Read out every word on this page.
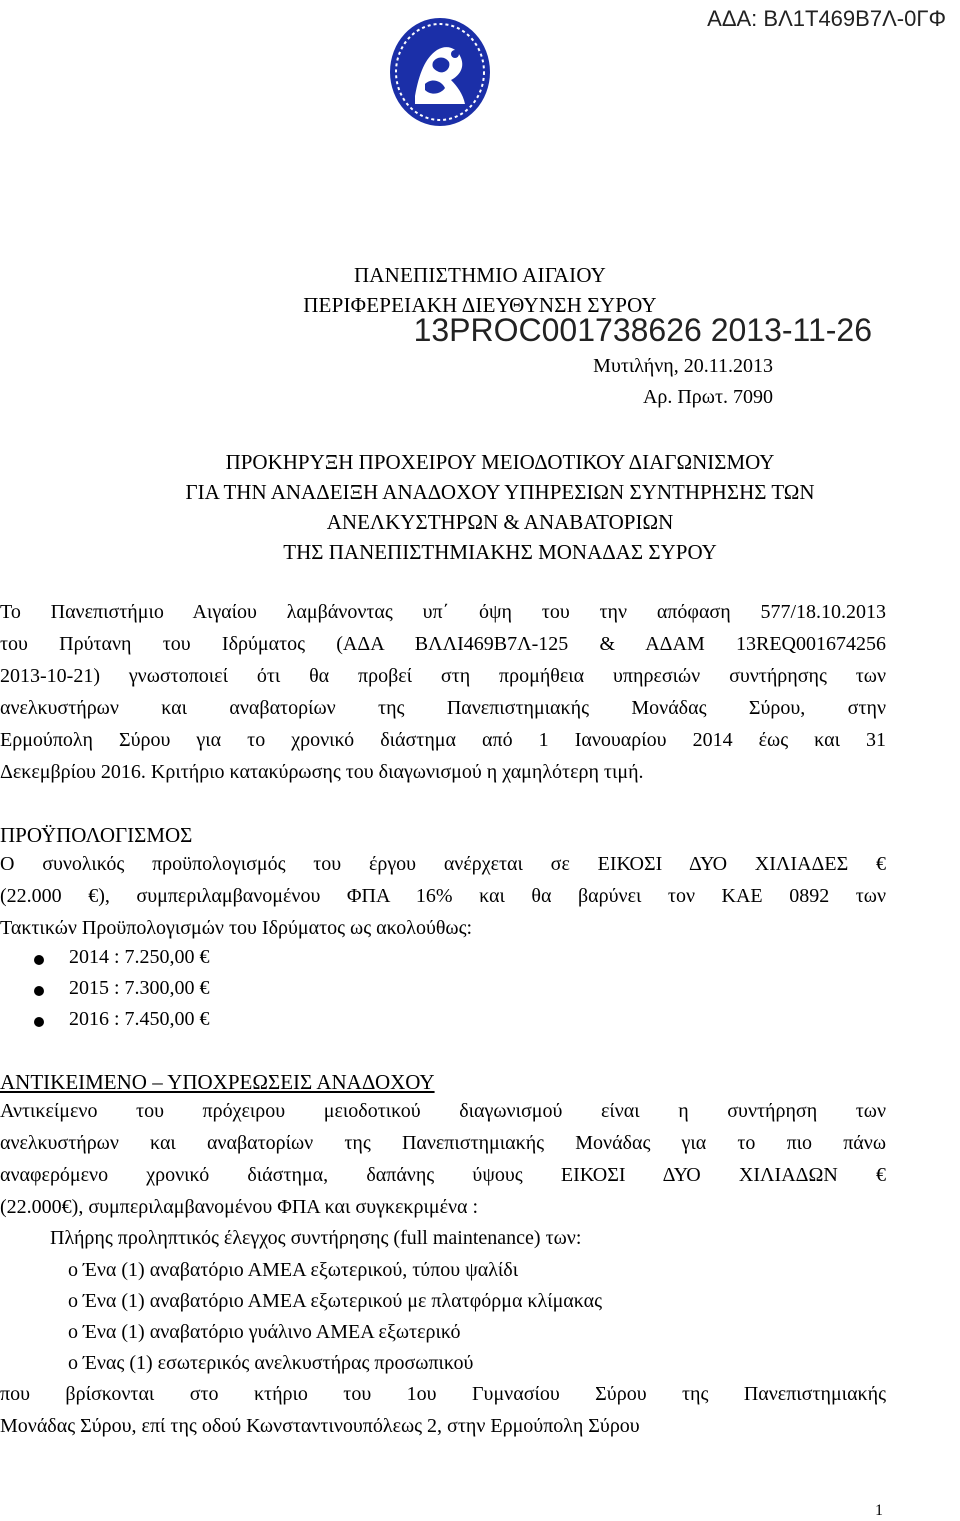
ΑΔΑ: ΒΛ1Τ469Β7Λ-0ΓΦ
ΠΑΝΕΠΙΣΤΗΜΙΟ ΑΙΓΑΙΟΥ
ΠΕΡΙΦΕΡΕΙΑΚΗ ΔΙΕΥΘΥΝΣΗ ΣΥΡΟΥ
13PROC001738626 2013-11-26
Μυτιλήνη, 20.11.2013
Αρ. Πρωτ. 7090
ΠΡΟΚΗΡΥΞΗ ΠΡΟΧΕΙΡΟΥ ΜΕΙΟΔΟΤΙΚΟΥ ΔΙΑΓΩΝΙΣΜΟΥ
ΓΙΑ ΤΗΝ ΑΝΑΔΕΙΞΗ ΑΝΑΔΟΧΟΥ ΥΠΗΡΕΣΙΩΝ ΣΥΝΤΗΡΗΣΗΣ ΤΩΝ
ΑΝΕΛΚΥΣΤΗΡΩΝ & ΑΝΑΒΑΤΟΡΙΩΝ
ΤΗΣ ΠΑΝΕΠΙΣΤΗΜΙΑΚΗΣ ΜΟΝΑΔΑΣ ΣΥΡΟΥ
Το Πανεπιστήμιο Αιγαίου λαμβάνοντας υπ΄ όψη του την απόφαση 577/18.10.2013
του Πρύτανη του Ιδρύματος (ΑΔΑ ΒΛΛΙ469Β7Λ-125 & ΑΔΑΜ 13REQ001674256
2013-10-21) γνωστοποιεί ότι θα προβεί στη προμήθεια υπηρεσιών συντήρησης των
ανελκυστήρων και αναβατορίων της Πανεπιστημιακής Μονάδας Σύρου, στην
Ερμούπολη Σύρου για το χρονικό διάστημα από 1 Ιανουαρίου 2014 έως και 31
Δεκεμβρίου 2016. Κριτήριο κατακύρωσης του διαγωνισμού η χαμηλότερη τιμή.
ΠΡΟΫΠΟΛΟΓΙΣΜΟΣ
Ο συνολικός προϋπολογισμός του έργου ανέρχεται σε ΕΙΚΟΣΙ ΔΥΟ ΧΙΛΙΑΔΕΣ €
(22.000 €), συμπεριλαμβανομένου ΦΠΑ 16% και θα βαρύνει τον ΚΑΕ 0892 των
Τακτικών Προϋπολογισμών του Ιδρύματος ως ακολούθως:
2014 : 7.250,00 €
2015 : 7.300,00 €
2016 : 7.450,00 €
ΑΝΤΙΚΕΙΜΕΝΟ – ΥΠΟΧΡΕΩΣΕΙΣ ΑΝΑΔΟΧΟΥ
Αντικείμενο του πρόχειρου μειοδοτικού διαγωνισμού είναι η συντήρηση των
ανελκυστήρων και αναβατορίων της Πανεπιστημιακής Μονάδας για το πιο πάνω
αναφερόμενο χρονικό διάστημα, δαπάνης ύψους ΕΙΚΟΣΙ ΔΥΟ ΧΙΛΙΑΔΩΝ €
(22.000€), συμπεριλαμβανομένου ΦΠΑ και συγκεκριμένα :
Πλήρης προληπτικός έλεγχος συντήρησης (full maintenance) των:
ο Ένα (1) αναβατόριο ΑΜΕΑ εξωτερικού, τύπου ψαλίδι
ο Ένα (1) αναβατόριο ΑΜΕΑ εξωτερικού με πλατφόρμα κλίμακας
ο Ένα (1) αναβατόριο γυάλινο ΑΜΕΑ εξωτερικό
ο Ένας (1) εσωτερικός ανελκυστήρας προσωπικού
που βρίσκονται στο κτήριο του 1ου Γυμνασίου Σύρου της Πανεπιστημιακής
Μονάδας Σύρου, επί της οδού Κωνσταντινουπόλεως 2, στην Ερμούπολη Σύρου
1
